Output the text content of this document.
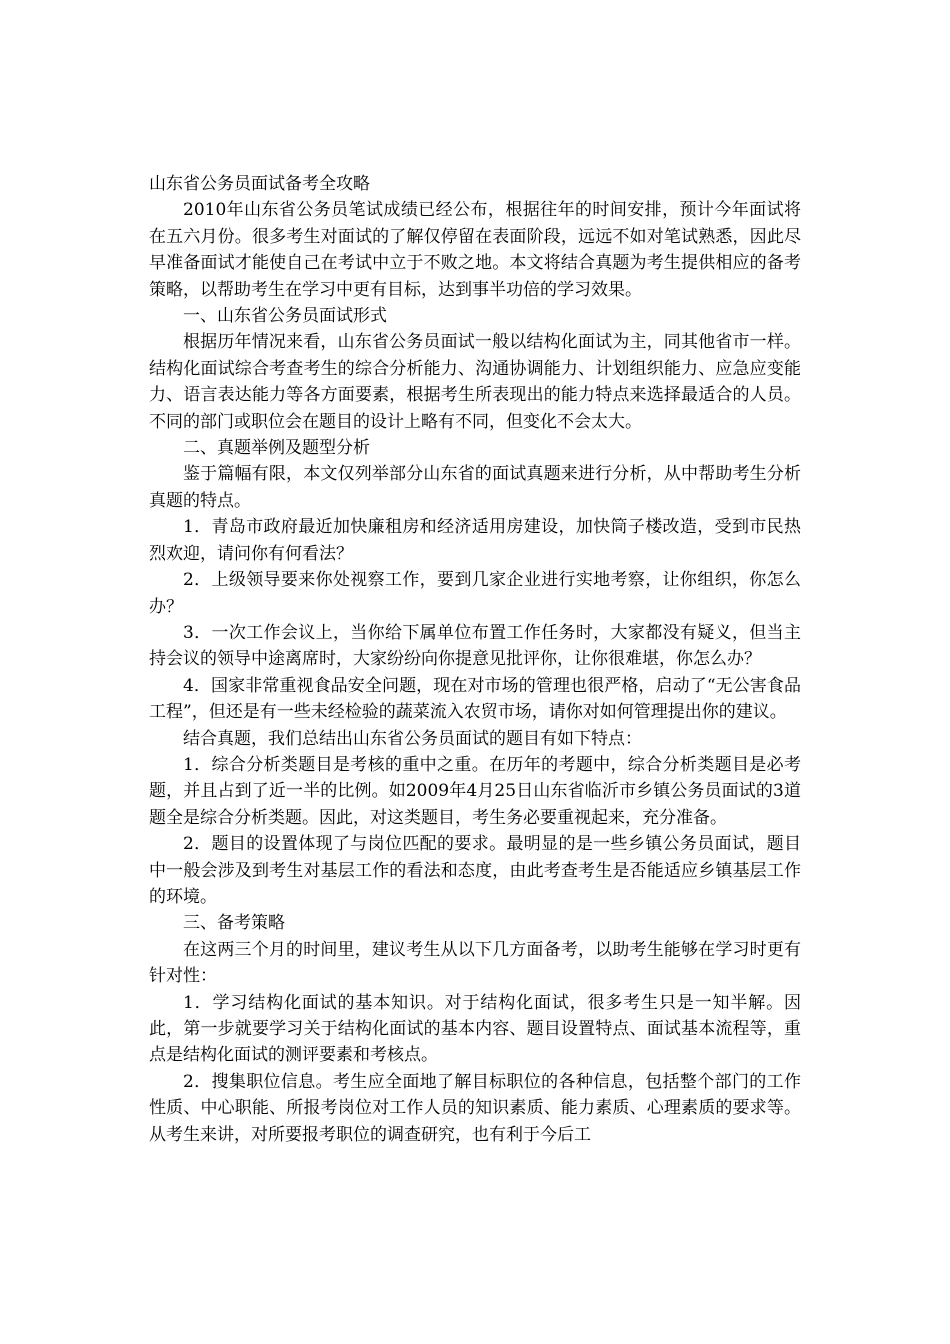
山东省公务员面试备考全攻略

2010年山东省公务员笔试成绩已经公布，根据往年的时间安排，预计今年面试将在五六月份。很多考生对面试的了解仅停留在表面阶段，远远不如对笔试熟悉，因此尽早准备面试才能使自己在考试中立于不败之地。本文将结合真题为考生提供相应的备考策略，以帮助考生在学习中更有目标，达到事半功倍的学习效果。

一、山东省公务员面试形式

根据历年情况来看，山东省公务员面试一般以结构化面试为主，同其他省市一样。结构化面试综合考查考生的综合分析能力、沟通协调能力、计划组织能力、应急应变能力、语言表达能力等各方面要素，根据考生所表现出的能力特点来选择最适合的人员。不同的部门或职位会在题目的设计上略有不同，但变化不会太大。

二、真题举例及题型分析

鉴于篇幅有限，本文仅列举部分山东省的面试真题来进行分析，从中帮助考生分析真题的特点。

1．青岛市政府最近加快廉租房和经济适用房建设，加快筒子楼改造，受到市民热烈欢迎，请问你有何看法？

2．上级领导要来你处视察工作，要到几家企业进行实地考察，让你组织，你怎么办？

3．一次工作会议上，当你给下属单位布置工作任务时，大家都没有疑义，但当主持会议的领导中途离席时，大家纷纷向你提意见批评你，让你很难堪，你怎么办？

4．国家非常重视食品安全问题，现在对市场的管理也很严格，启动了“无公害食品工程”，但还是有一些未经检验的蔬菜流入农贸市场，请你对如何管理提出你的建议。

结合真题，我们总结出山东省公务员面试的题目有如下特点：

1．综合分析类题目是考核的重中之重。在历年的考题中，综合分析类题目是必考题，并且占到了近一半的比例。如2009年4月25日山东省临沂市乡镇公务员面试的3道题全是综合分析类题。因此，对这类题目，考生务必要重视起来，充分准备。

2．题目的设置体现了与岗位匹配的要求。最明显的是一些乡镇公务员面试，题目中一般会涉及到考生对基层工作的看法和态度，由此考查考生是否能适应乡镇基层工作的环境。

三、备考策略

在这两三个月的时间里，建议考生从以下几方面备考，以助考生能够在学习时更有针对性：

1．学习结构化面试的基本知识。对于结构化面试，很多考生只是一知半解。因此，第一步就要学习关于结构化面试的基本内容、题目设置特点、面试基本流程等，重点是结构化面试的测评要素和考核点。

2．搜集职位信息。考生应全面地了解目标职位的各种信息，包括整个部门的工作性质、中心职能、所报考岗位对工作人员的知识素质、能力素质、心理素质的要求等。从考生来讲，对所要报考职位的调查研究，也有利于今后工
